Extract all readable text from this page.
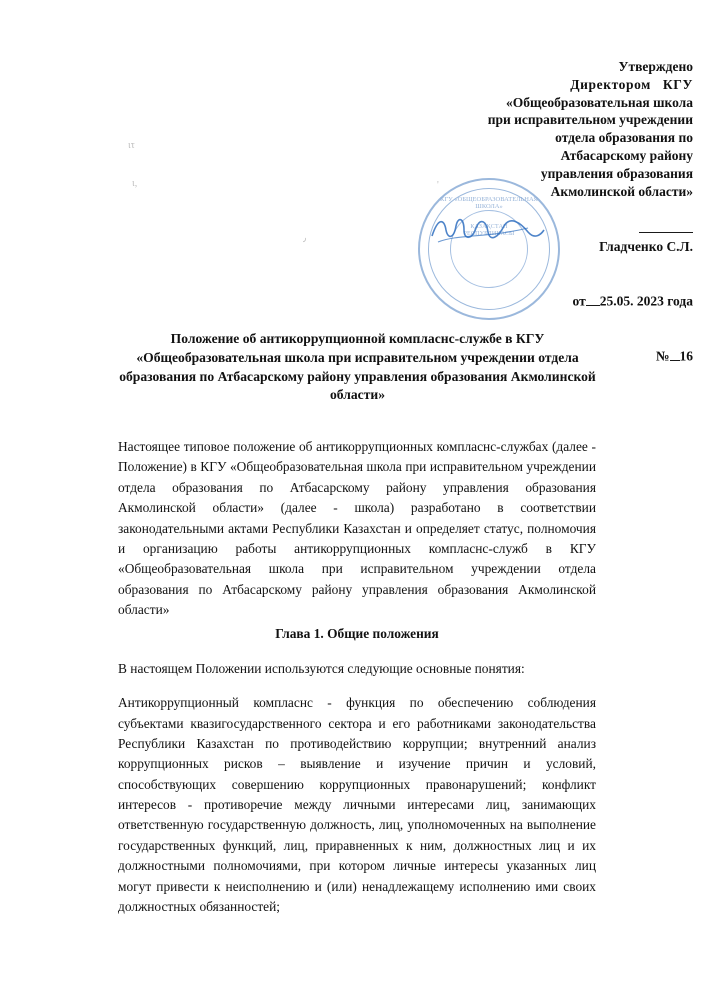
ιτ
ι,
٫
'
КГУ «ОБЩЕОБРАЗОВАТЕЛЬНАЯ ШКОЛА»
ҚАЗАҚСТАН РЕСПУБЛИКАСЫ
Утверждено
Директором   КГУ
«Общеобразовательная школа
при исправительном учреждении
отдела образования по
Атбасарскому району
управления образования
Акмолинской области»

Гладченко С.Л.

от 25.05. 2023 года

№ 16

Положение об антикоррупционной компласнс-службе в КГУ «Общеобразовательная школа при исправительном учреждении отдела образования по Атбасарскому району управления образования Акмолинской области»

Настоящее типовое положение об антикоррупционных компласнс-службах (далее - Положение) в КГУ «Общеобразовательная школа при исправительном учреждении отдела образования по Атбасарскому району управления образования Акмолинской области» (далее - школа) разработано в соответствии законодательными актами Республики Казахстан и определяет статус, полномочия и организацию работы антикоррупционных компласнс-служб в КГУ «Общеобразовательная школа при исправительном учреждении отдела образования по Атбасарскому району управления образования Акмолинской области»

Глава 1. Общие положения

В настоящем Положении используются следующие основные понятия:

Антикоррупционный компласнс - функция по обеспечению соблюдения субъектами квазигосударственного сектора и его работниками законодательства Республики Казахстан по противодействию коррупции; внутренний анализ коррупционных рисков – выявление и изучение причин и условий, способствующих совершению коррупционных правонарушений; конфликт интересов - противоречие между личными интересами лиц, занимающих ответственную государственную должность, лиц, уполномоченных на выполнение государственных функций, лиц, приравненных к ним, должностных лиц и их должностными полномочиями, при котором личные интересы указанных лиц могут привести к неисполнению и (или) ненадлежащему исполнению ими своих должностных обязанностей;
